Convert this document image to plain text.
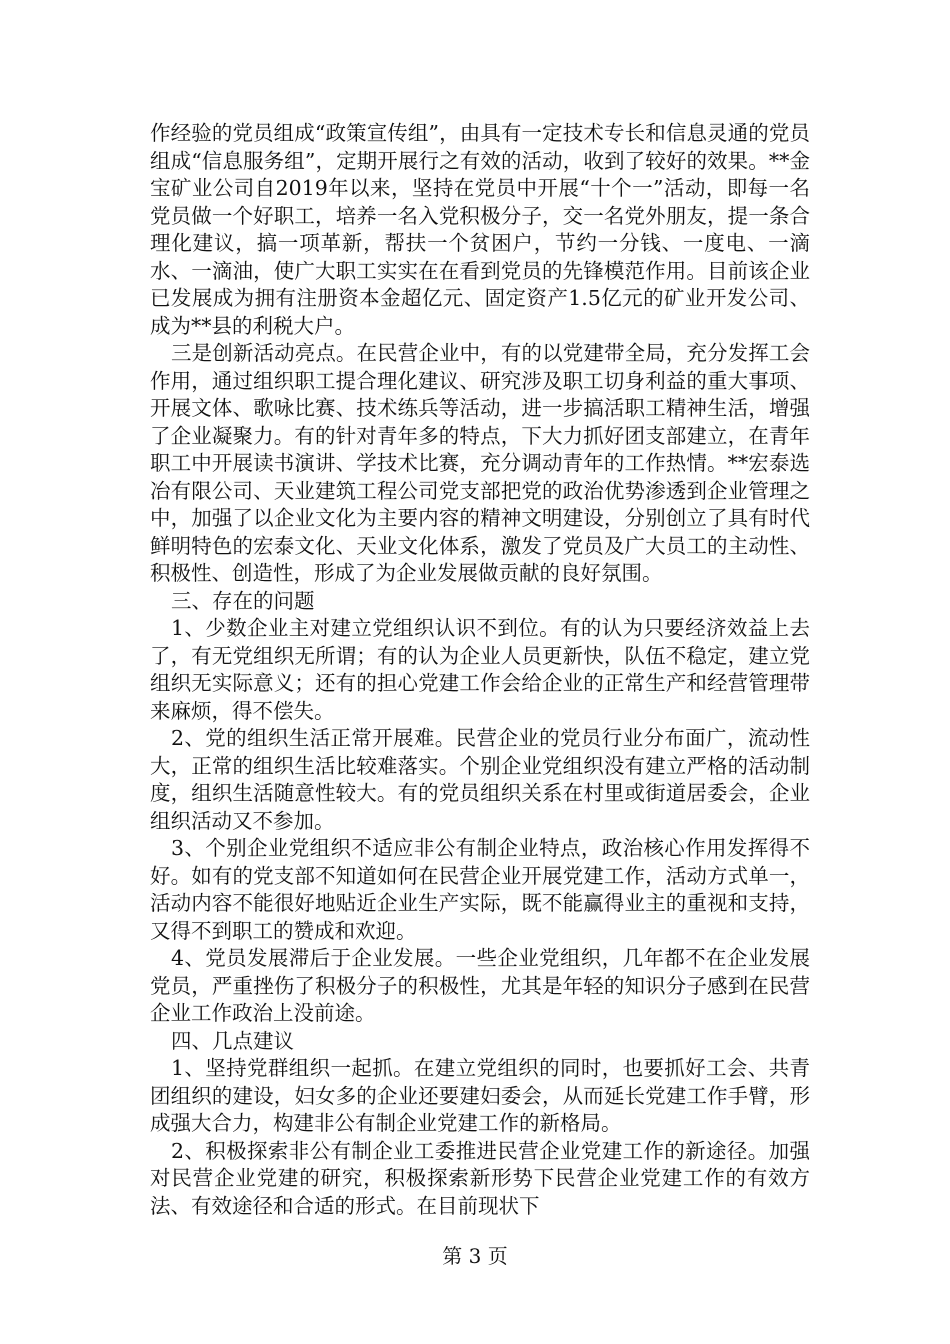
作经验的党员组成“政策宣传组”，由具有一定技术专长和信息灵通的党员组成“信息服务组”，定期开展行之有效的活动，收到了较好的效果。**金宝矿业公司自2019年以来，坚持在党员中开展“十个一”活动，即每一名党员做一个好职工，培养一名入党积极分子，交一名党外朋友，提一条合理化建议，搞一项革新，帮扶一个贫困户，节约一分钱、一度电、一滴水、一滴油，使广大职工实实在在看到党员的先锋模范作用。目前该企业已发展成为拥有注册资本金超亿元、固定资产1.5亿元的矿业开发公司、成为**县的利税大户。

三是创新活动亮点。在民营企业中，有的以党建带全局，充分发挥工会作用，通过组织职工提合理化建议、研究涉及职工切身利益的重大事项、开展文体、歌咏比赛、技术练兵等活动，进一步搞活职工精神生活，增强了企业凝聚力。有的针对青年多的特点，下大力抓好团支部建立，在青年职工中开展读书演讲、学技术比赛，充分调动青年的工作热情。**宏泰选冶有限公司、天业建筑工程公司党支部把党的政治优势渗透到企业管理之中，加强了以企业文化为主要内容的精神文明建设，分别创立了具有时代鲜明特色的宏泰文化、天业文化体系，激发了党员及广大员工的主动性、积极性、创造性，形成了为企业发展做贡献的良好氛围。

三、存在的问题

1、少数企业主对建立党组织认识不到位。有的认为只要经济效益上去了，有无党组织无所谓；有的认为企业人员更新快，队伍不稳定，建立党组织无实际意义；还有的担心党建工作会给企业的正常生产和经营管理带来麻烦，得不偿失。

2、党的组织生活正常开展难。民营企业的党员行业分布面广，流动性大，正常的组织生活比较难落实。个别企业党组织没有建立严格的活动制度，组织生活随意性较大。有的党员组织关系在村里或街道居委会，企业组织活动又不参加。

3、个别企业党组织不适应非公有制企业特点，政治核心作用发挥得不好。如有的党支部不知道如何在民营企业开展党建工作，活动方式单一，活动内容不能很好地贴近企业生产实际，既不能赢得业主的重视和支持，又得不到职工的赞成和欢迎。

4、党员发展滞后于企业发展。一些企业党组织，几年都不在企业发展党员，严重挫伤了积极分子的积极性，尤其是年轻的知识分子感到在民营企业工作政治上没前途。

四、几点建议

1、坚持党群组织一起抓。在建立党组织的同时，也要抓好工会、共青团组织的建设，妇女多的企业还要建妇委会，从而延长党建工作手臂，形成强大合力，构建非公有制企业党建工作的新格局。

2、积极探索非公有制企业工委推进民营企业党建工作的新途径。加强对民营企业党建的研究，积极探索新形势下民营企业党建工作的有效方法、有效途径和合适的形式。在目前现状下

第 3 页
